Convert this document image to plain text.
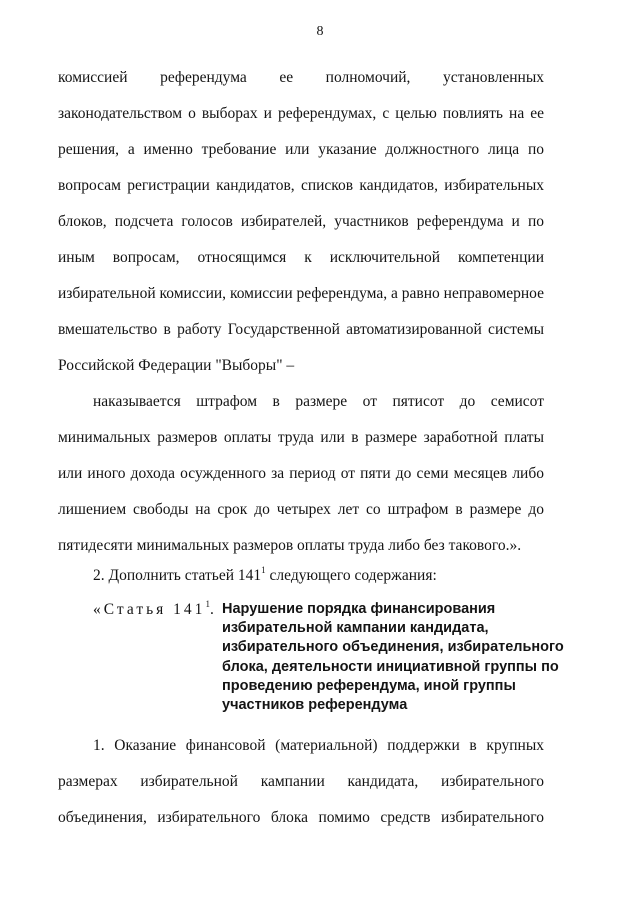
8
комиссией референдума ее полномочий, установленных
законодательством о выборах и референдумах, с целью повлиять на ее
решения, а именно требование или указание должностного лица по
вопросам регистрации кандидатов, списков кандидатов, избирательных
блоков, подсчета голосов избирателей, участников референдума и по
иным вопросам, относящимся к исключительной компетенции
избирательной комиссии, комиссии референдума, а равно неправомерное
вмешательство в работу Государственной автоматизированной системы
Российской Федерации "Выборы" –
наказывается штрафом в размере от пятисот до семисот
минимальных размеров оплаты труда или в размере заработной платы
или иного дохода осужденного за период от пяти до семи месяцев либо
лишением свободы на срок до четырех лет со штрафом в размере до
пятидесяти минимальных размеров оплаты труда либо без такового.».
2. Дополнить статьей $141^1$ следующего содержания:
«Статья $141^1$. Нарушение порядка финансирования
избирательной кампании кандидата,
избирательного объединения, избирательного
блока, деятельности инициативной группы по
проведению референдума, иной группы
участников референдума
1. Оказание финансовой (материальной) поддержки в крупных
размерах избирательной кампании кандидата, избирательного
объединения, избирательного блока помимо средств избирательного
